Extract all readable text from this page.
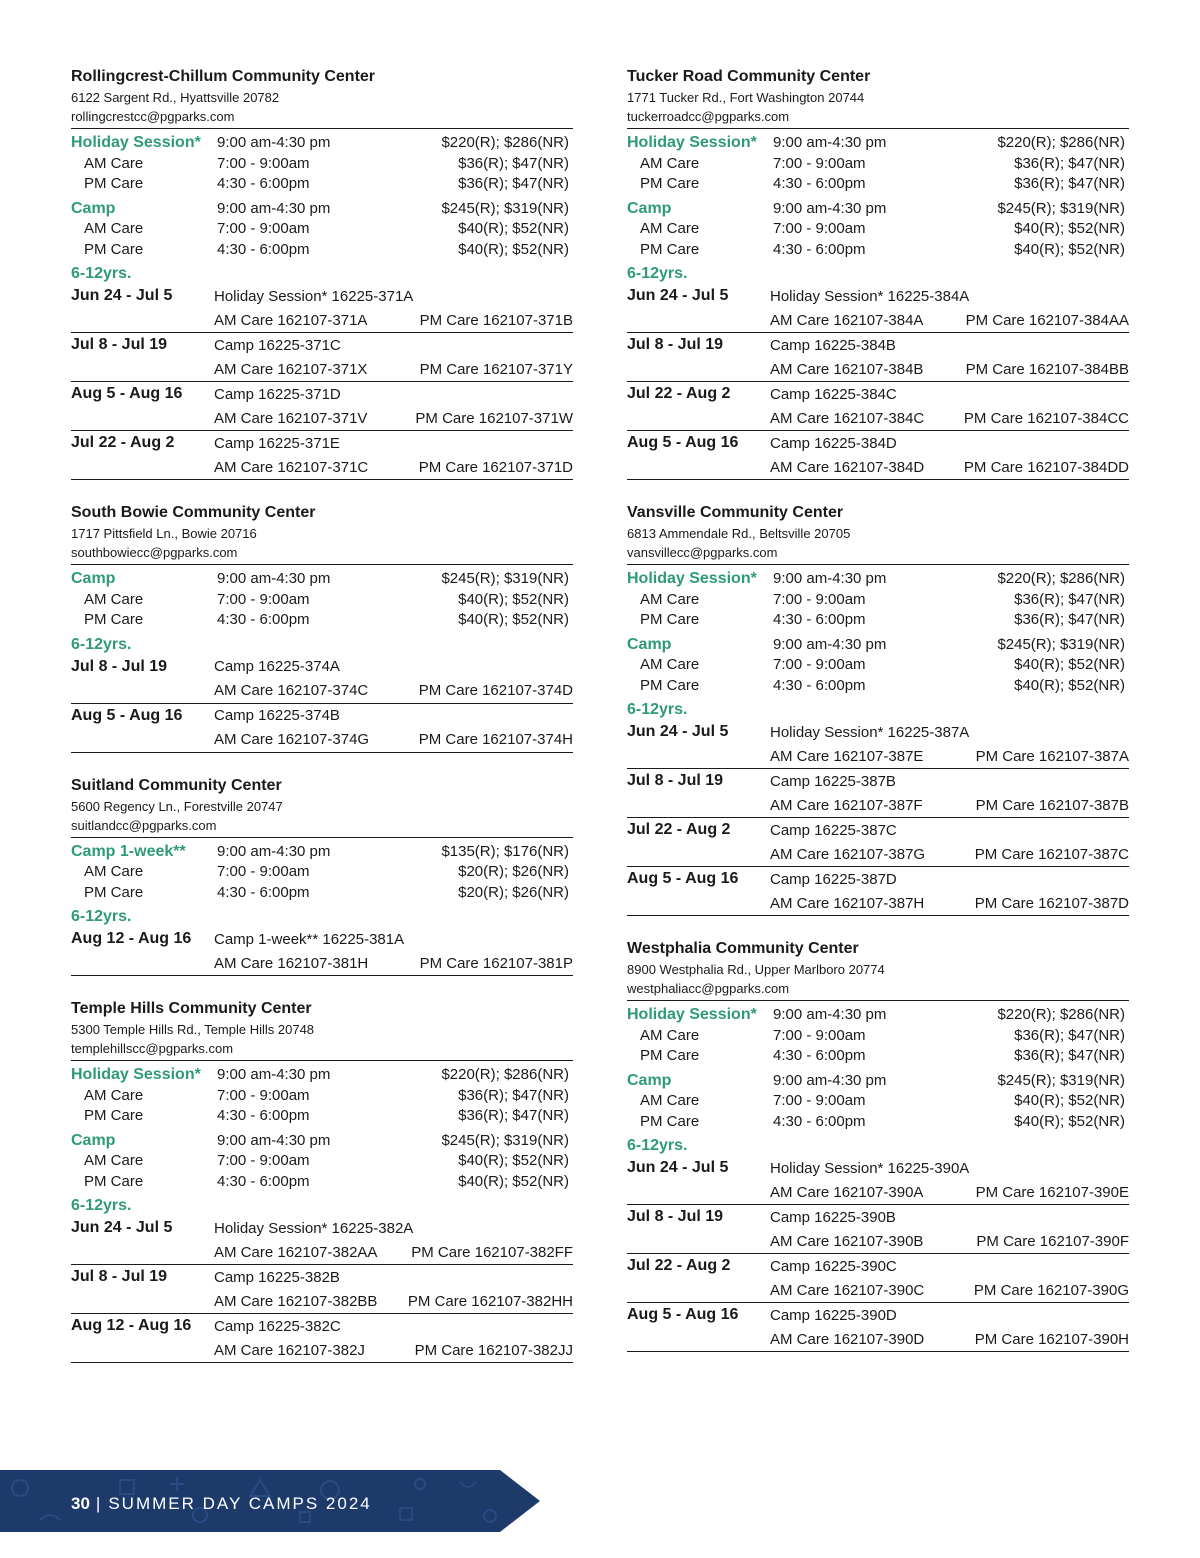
Rollingcrest-Chillum Community Center

6122 Sargent Rd., Hyattsville 20782

rollingcrestcc@pgparks.com

Holiday Session*	9:00 am-4:30 pm	$220(R); $286(NR)
AM Care	7:00 - 9:00am	$36(R); $47(NR)
PM Care	4:30 - 6:00pm	$36(R); $47(NR)
Camp	9:00 am-4:30 pm	$245(R); $319(NR)
AM Care	7:00 - 9:00am	$40(R); $52(NR)
PM Care	4:30 - 6:00pm	$40(R); $52(NR)
6-12yrs.
Jun 24 - Jul 5	Holiday Session* 16225-371A
AM Care 162107-371A	PM Care 162107-371B
Jul 8 - Jul 19	Camp 16225-371C
AM Care 162107-371X	PM Care 162107-371Y
Aug 5 - Aug 16	Camp 16225-371D
AM Care 162107-371V	PM Care 162107-371W
Jul 22 - Aug 2	Camp 16225-371E
AM Care 162107-371C	PM Care 162107-371D

South Bowie Community Center

1717 Pittsfield Ln., Bowie 20716

southbowiecc@pgparks.com

Camp	9:00 am-4:30 pm	$245(R); $319(NR)
AM Care	7:00 - 9:00am	$40(R); $52(NR)
PM Care	4:30 - 6:00pm	$40(R); $52(NR)
6-12yrs.
Jul 8 - Jul 19	Camp 16225-374A
AM Care 162107-374C	PM Care 162107-374D
Aug 5 - Aug 16	Camp 16225-374B
AM Care 162107-374G	PM Care 162107-374H

Suitland Community Center

5600 Regency Ln., Forestville 20747

suitlandcc@pgparks.com

Camp 1-week**	9:00 am-4:30 pm	$135(R); $176(NR)
AM Care	7:00 - 9:00am	$20(R); $26(NR)
PM Care	4:30 - 6:00pm	$20(R); $26(NR)
6-12yrs.
Aug 12 - Aug 16	Camp 1-week** 16225-381A
AM Care 162107-381H	PM Care 162107-381P

Temple Hills Community Center

5300 Temple Hills Rd., Temple Hills 20748

templehillscc@pgparks.com

Holiday Session*	9:00 am-4:30 pm	$220(R); $286(NR)
AM Care	7:00 - 9:00am	$36(R); $47(NR)
PM Care	4:30 - 6:00pm	$36(R); $47(NR)
Camp	9:00 am-4:30 pm	$245(R); $319(NR)
AM Care	7:00 - 9:00am	$40(R); $52(NR)
PM Care	4:30 - 6:00pm	$40(R); $52(NR)
6-12yrs.
Jun 24 - Jul 5	Holiday Session* 16225-382A
AM Care 162107-382AA	PM Care 162107-382FF
Jul 8 - Jul 19	Camp 16225-382B
AM Care 162107-382BB	PM Care 162107-382HH
Aug 12 - Aug 16	Camp 16225-382C
AM Care 162107-382J	PM Care 162107-382JJ

Tucker Road Community Center

1771 Tucker Rd., Fort Washington 20744

tuckerroadcc@pgparks.com

Holiday Session*	9:00 am-4:30 pm	$220(R); $286(NR)
AM Care	7:00 - 9:00am	$36(R); $47(NR)
PM Care	4:30 - 6:00pm	$36(R); $47(NR)
Camp	9:00 am-4:30 pm	$245(R); $319(NR)
AM Care	7:00 - 9:00am	$40(R); $52(NR)
PM Care	4:30 - 6:00pm	$40(R); $52(NR)
6-12yrs.
Jun 24 - Jul 5	Holiday Session* 16225-384A
AM Care 162107-384A	PM Care 162107-384AA
Jul 8 - Jul 19	Camp 16225-384B
AM Care 162107-384B	PM Care 162107-384BB
Jul 22 - Aug 2	Camp 16225-384C
AM Care 162107-384C	PM Care 162107-384CC
Aug 5 - Aug 16	Camp 16225-384D
AM Care 162107-384D	PM Care 162107-384DD

Vansville Community Center

6813 Ammendale Rd., Beltsville 20705

vansvillecc@pgparks.com

Holiday Session*	9:00 am-4:30 pm	$220(R); $286(NR)
AM Care	7:00 - 9:00am	$36(R); $47(NR)
PM Care	4:30 - 6:00pm	$36(R); $47(NR)
Camp	9:00 am-4:30 pm	$245(R); $319(NR)
AM Care	7:00 - 9:00am	$40(R); $52(NR)
PM Care	4:30 - 6:00pm	$40(R); $52(NR)
6-12yrs.
Jun 24 - Jul 5	Holiday Session* 16225-387A
AM Care 162107-387E	PM Care 162107-387A
Jul 8 - Jul 19	Camp 16225-387B
AM Care 162107-387F	PM Care 162107-387B
Jul 22 - Aug 2	Camp 16225-387C
AM Care 162107-387G	PM Care 162107-387C
Aug 5 - Aug 16	Camp 16225-387D
AM Care 162107-387H	PM Care 162107-387D

Westphalia Community Center

8900 Westphalia Rd., Upper Marlboro 20774

westphaliacc@pgparks.com

Holiday Session*	9:00 am-4:30 pm	$220(R); $286(NR)
AM Care	7:00 - 9:00am	$36(R); $47(NR)
PM Care	4:30 - 6:00pm	$36(R); $47(NR)
Camp	9:00 am-4:30 pm	$245(R); $319(NR)
AM Care	7:00 - 9:00am	$40(R); $52(NR)
PM Care	4:30 - 6:00pm	$40(R); $52(NR)
6-12yrs.
Jun 24 - Jul 5	Holiday Session* 16225-390A
AM Care 162107-390A	PM Care 162107-390E
Jul 8 - Jul 19	Camp 16225-390B
AM Care 162107-390B	PM Care 162107-390F
Jul 22 - Aug 2	Camp 16225-390C
AM Care 162107-390C	PM Care 162107-390G
Aug 5 - Aug 16	Camp 16225-390D
AM Care 162107-390D	PM Care 162107-390H
30 | SUMMER DAY CAMPS 2024
